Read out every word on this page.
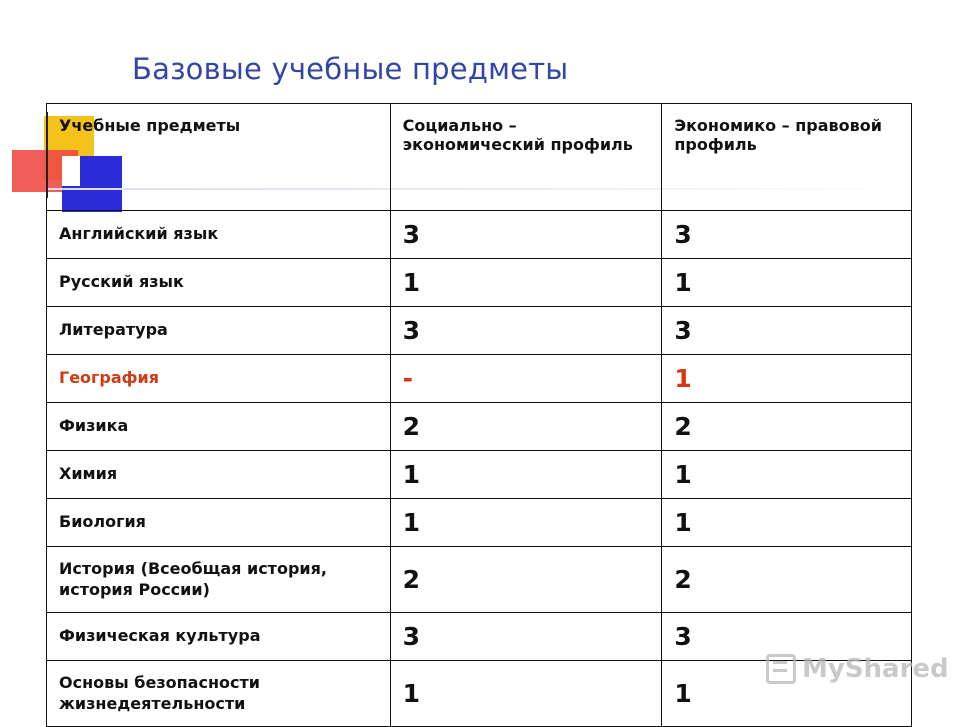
Базовые учебные предметы
Учебные предметы	Социально – экономический профиль	Экономико – правовой профиль
Английский язык	3	3
Русский язык	1	1
Литература	3	3
География	-	1
Физика	2	2
Химия	1	1
Биология	1	1
История (Всеобщая история, история России)	2	2
Физическая культура	3	3
Основы безопасности жизнедеятельности	1	1
MyShared
